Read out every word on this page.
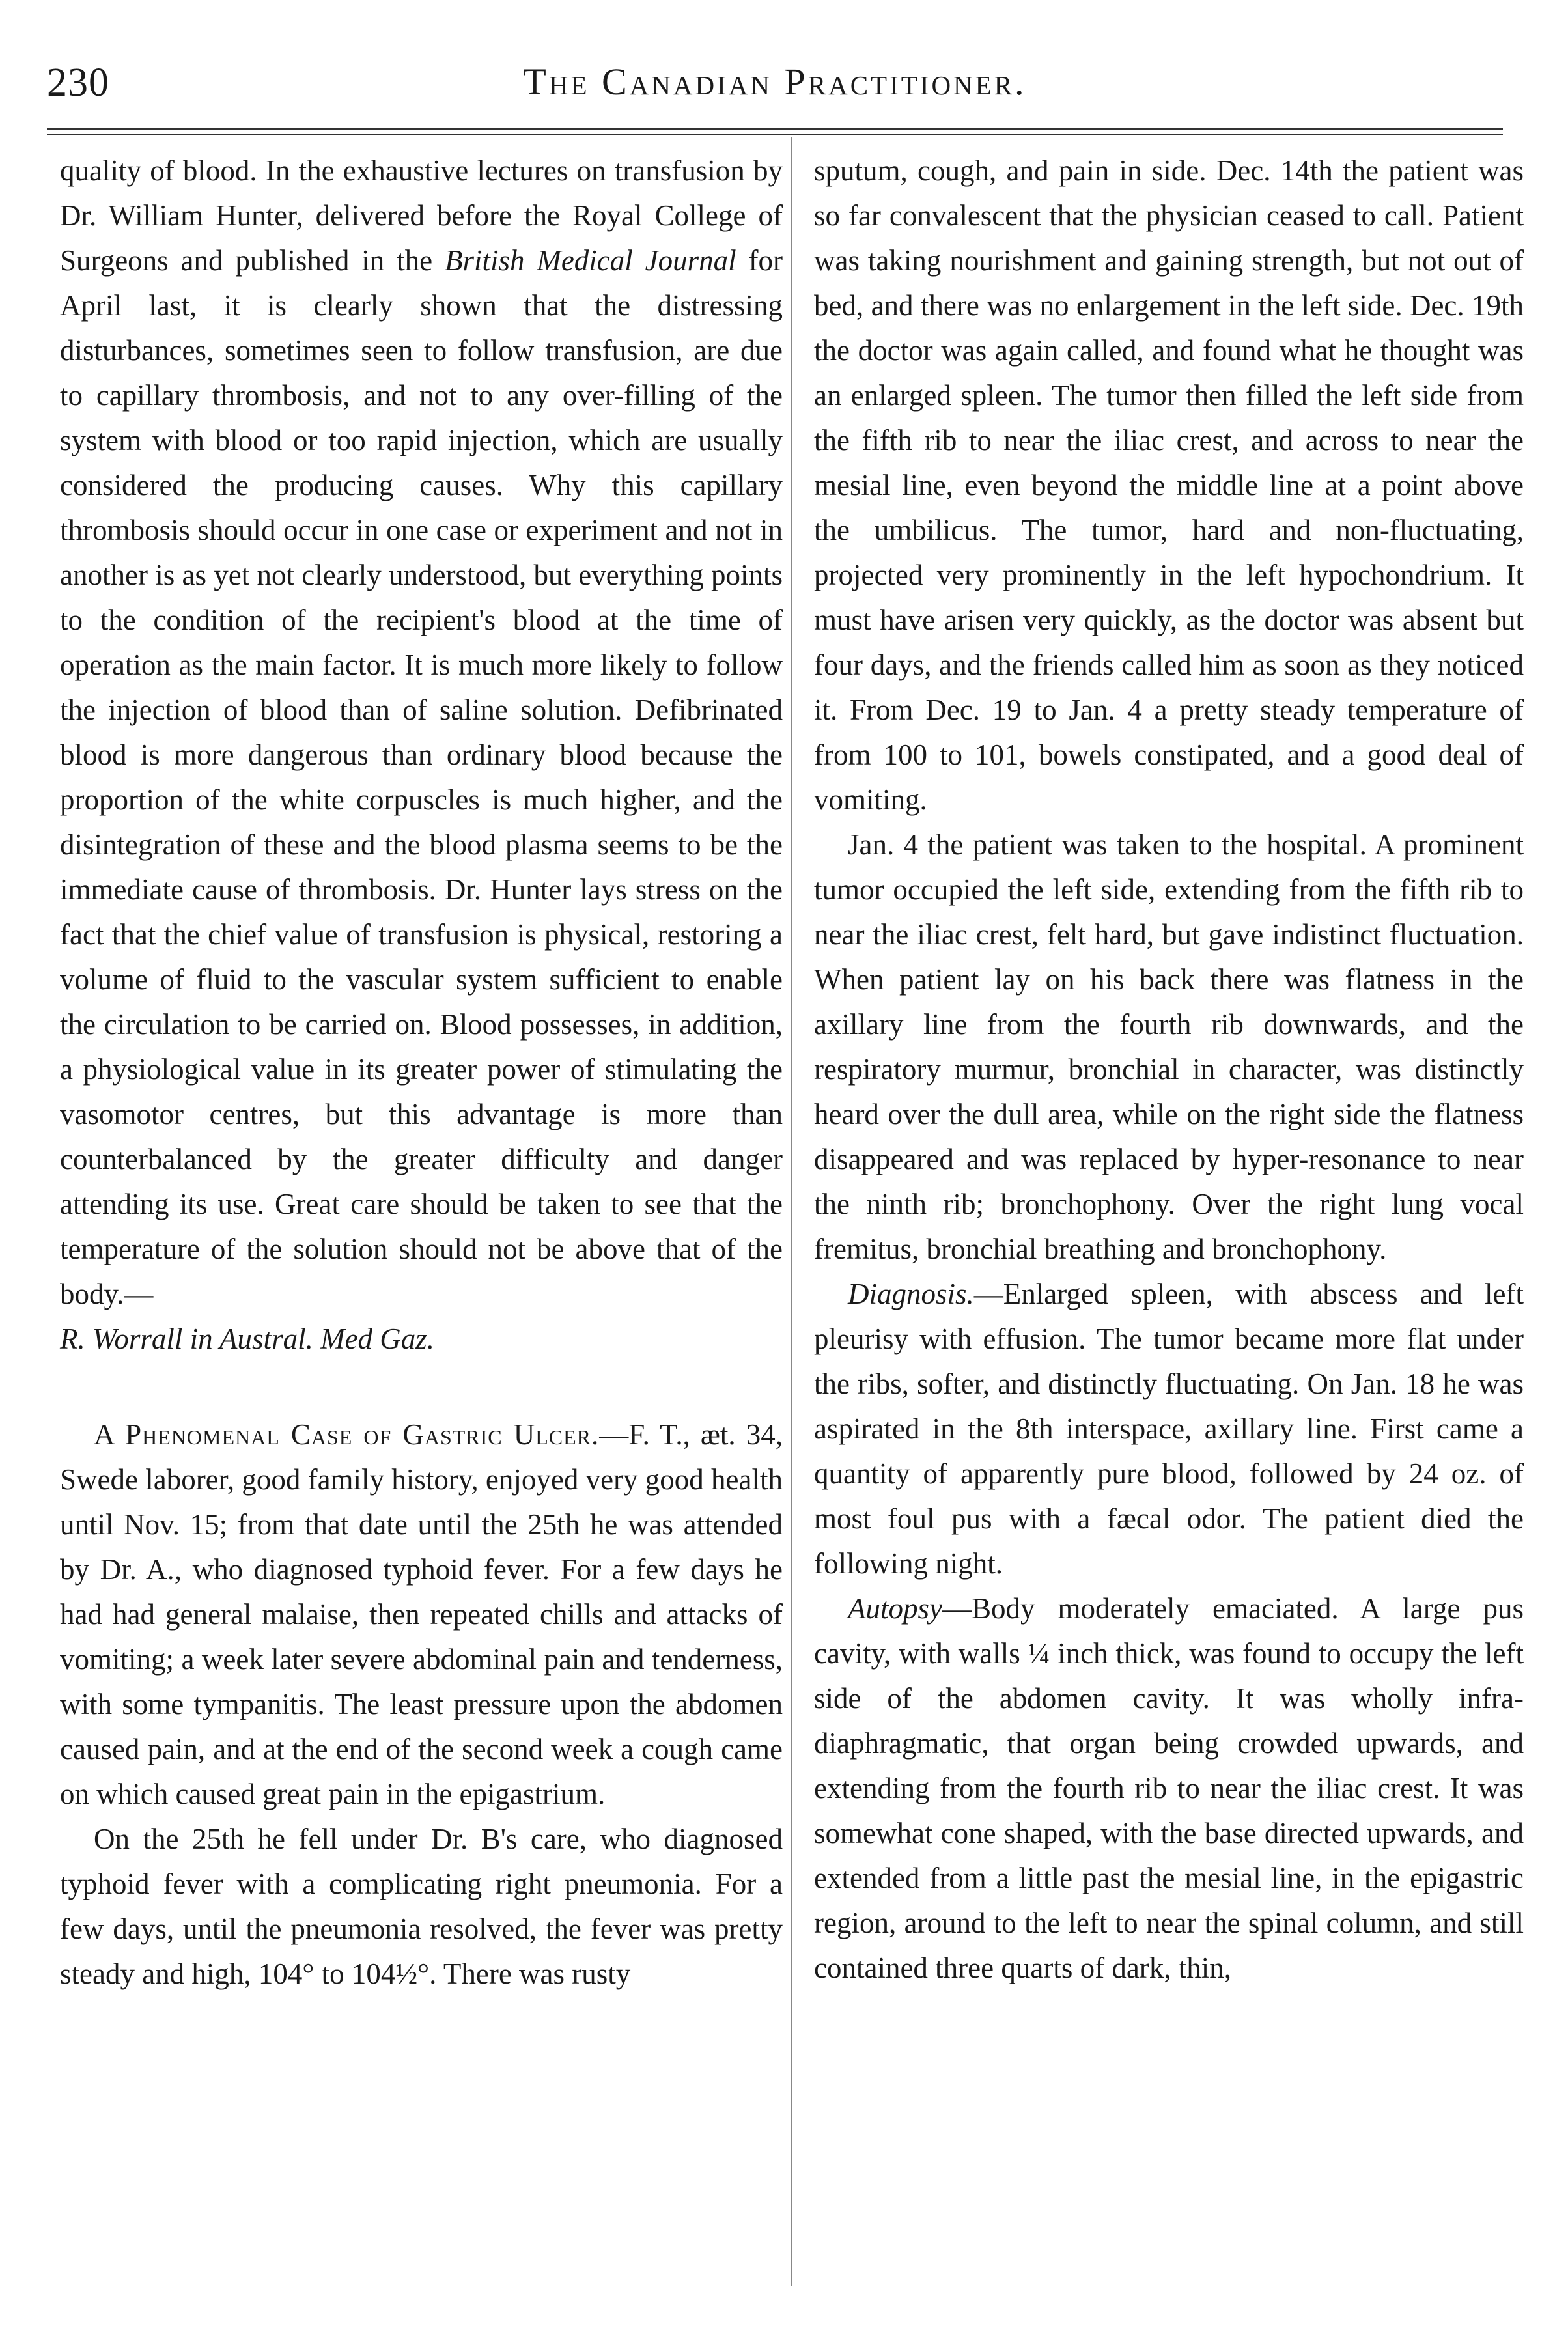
230	The Canadian Practitioner.

quality of blood. In the exhaustive lectures on transfusion by Dr. William Hunter, delivered before the Royal College of Surgeons and published in the British Medical Journal for April last, it is clearly shown that the distressing disturbances, sometimes seen to follow transfusion, are due to capillary thrombosis, and not to any over-filling of the system with blood or too rapid injection, which are usually considered the producing causes. Why this capillary thrombosis should occur in one case or experiment and not in another is as yet not clearly understood, but everything points to the condition of the recipient's blood at the time of operation as the main factor. It is much more likely to follow the injection of blood than of saline solution. Defibrinated blood is more dangerous than ordinary blood because the proportion of the white corpuscles is much higher, and the disintegration of these and the blood plasma seems to be the immediate cause of thrombosis. Dr. Hunter lays stress on the fact that the chief value of transfusion is physical, restoring a volume of fluid to the vascular system sufficient to enable the circulation to be carried on. Blood possesses, in addition, a physiological value in its greater power of stimulating the vasomotor centres, but this advantage is more than counterbalanced by the greater difficulty and danger attending its use. Great care should be taken to see that the temperature of the solution should not be above that of the body.—
R. Worrall in Austral. Med Gaz.

A Phenomenal Case of Gastric Ulcer.—F. T., æt. 34, Swede laborer, good family history, enjoyed very good health until Nov. 15; from that date until the 25th he was attended by Dr. A., who diagnosed typhoid fever. For a few days he had had general malaise, then repeated chills and attacks of vomiting; a week later severe abdominal pain and tenderness, with some tympanitis. The least pressure upon the abdomen caused pain, and at the end of the second week a cough came on which caused great pain in the epigastrium.

On the 25th he fell under Dr. B's care, who diagnosed typhoid fever with a complicating right pneumonia. For a few days, until the pneumonia resolved, the fever was pretty steady and high, 104° to 104½°. There was rusty

sputum, cough, and pain in side. Dec. 14th the patient was so far convalescent that the physician ceased to call. Patient was taking nourishment and gaining strength, but not out of bed, and there was no enlargement in the left side. Dec. 19th the doctor was again called, and found what he thought was an enlarged spleen. The tumor then filled the left side from the fifth rib to near the iliac crest, and across to near the mesial line, even beyond the middle line at a point above the umbilicus. The tumor, hard and non-fluctuating, projected very prominently in the left hypochondrium. It must have arisen very quickly, as the doctor was absent but four days, and the friends called him as soon as they noticed it. From Dec. 19 to Jan. 4 a pretty steady temperature of from 100 to 101, bowels constipated, and a good deal of vomiting.

Jan. 4 the patient was taken to the hospital. A prominent tumor occupied the left side, extending from the fifth rib to near the iliac crest, felt hard, but gave indistinct fluctuation. When patient lay on his back there was flatness in the axillary line from the fourth rib downwards, and the respiratory murmur, bronchial in character, was distinctly heard over the dull area, while on the right side the flatness disappeared and was replaced by hyper-resonance to near the ninth rib; bronchophony. Over the right lung vocal fremitus, bronchial breathing and bronchophony.

Diagnosis.—Enlarged spleen, with abscess and left pleurisy with effusion. The tumor became more flat under the ribs, softer, and distinctly fluctuating. On Jan. 18 he was aspirated in the 8th interspace, axillary line. First came a quantity of apparently pure blood, followed by 24 oz. of most foul pus with a fæcal odor. The patient died the following night.

Autopsy—Body moderately emaciated. A large pus cavity, with walls ¼ inch thick, was found to occupy the left side of the abdomen cavity. It was wholly infra-diaphragmatic, that organ being crowded upwards, and extending from the fourth rib to near the iliac crest. It was somewhat cone shaped, with the base directed upwards, and extended from a little past the mesial line, in the epigastric region, around to the left to near the spinal column, and still contained three quarts of dark, thin,
